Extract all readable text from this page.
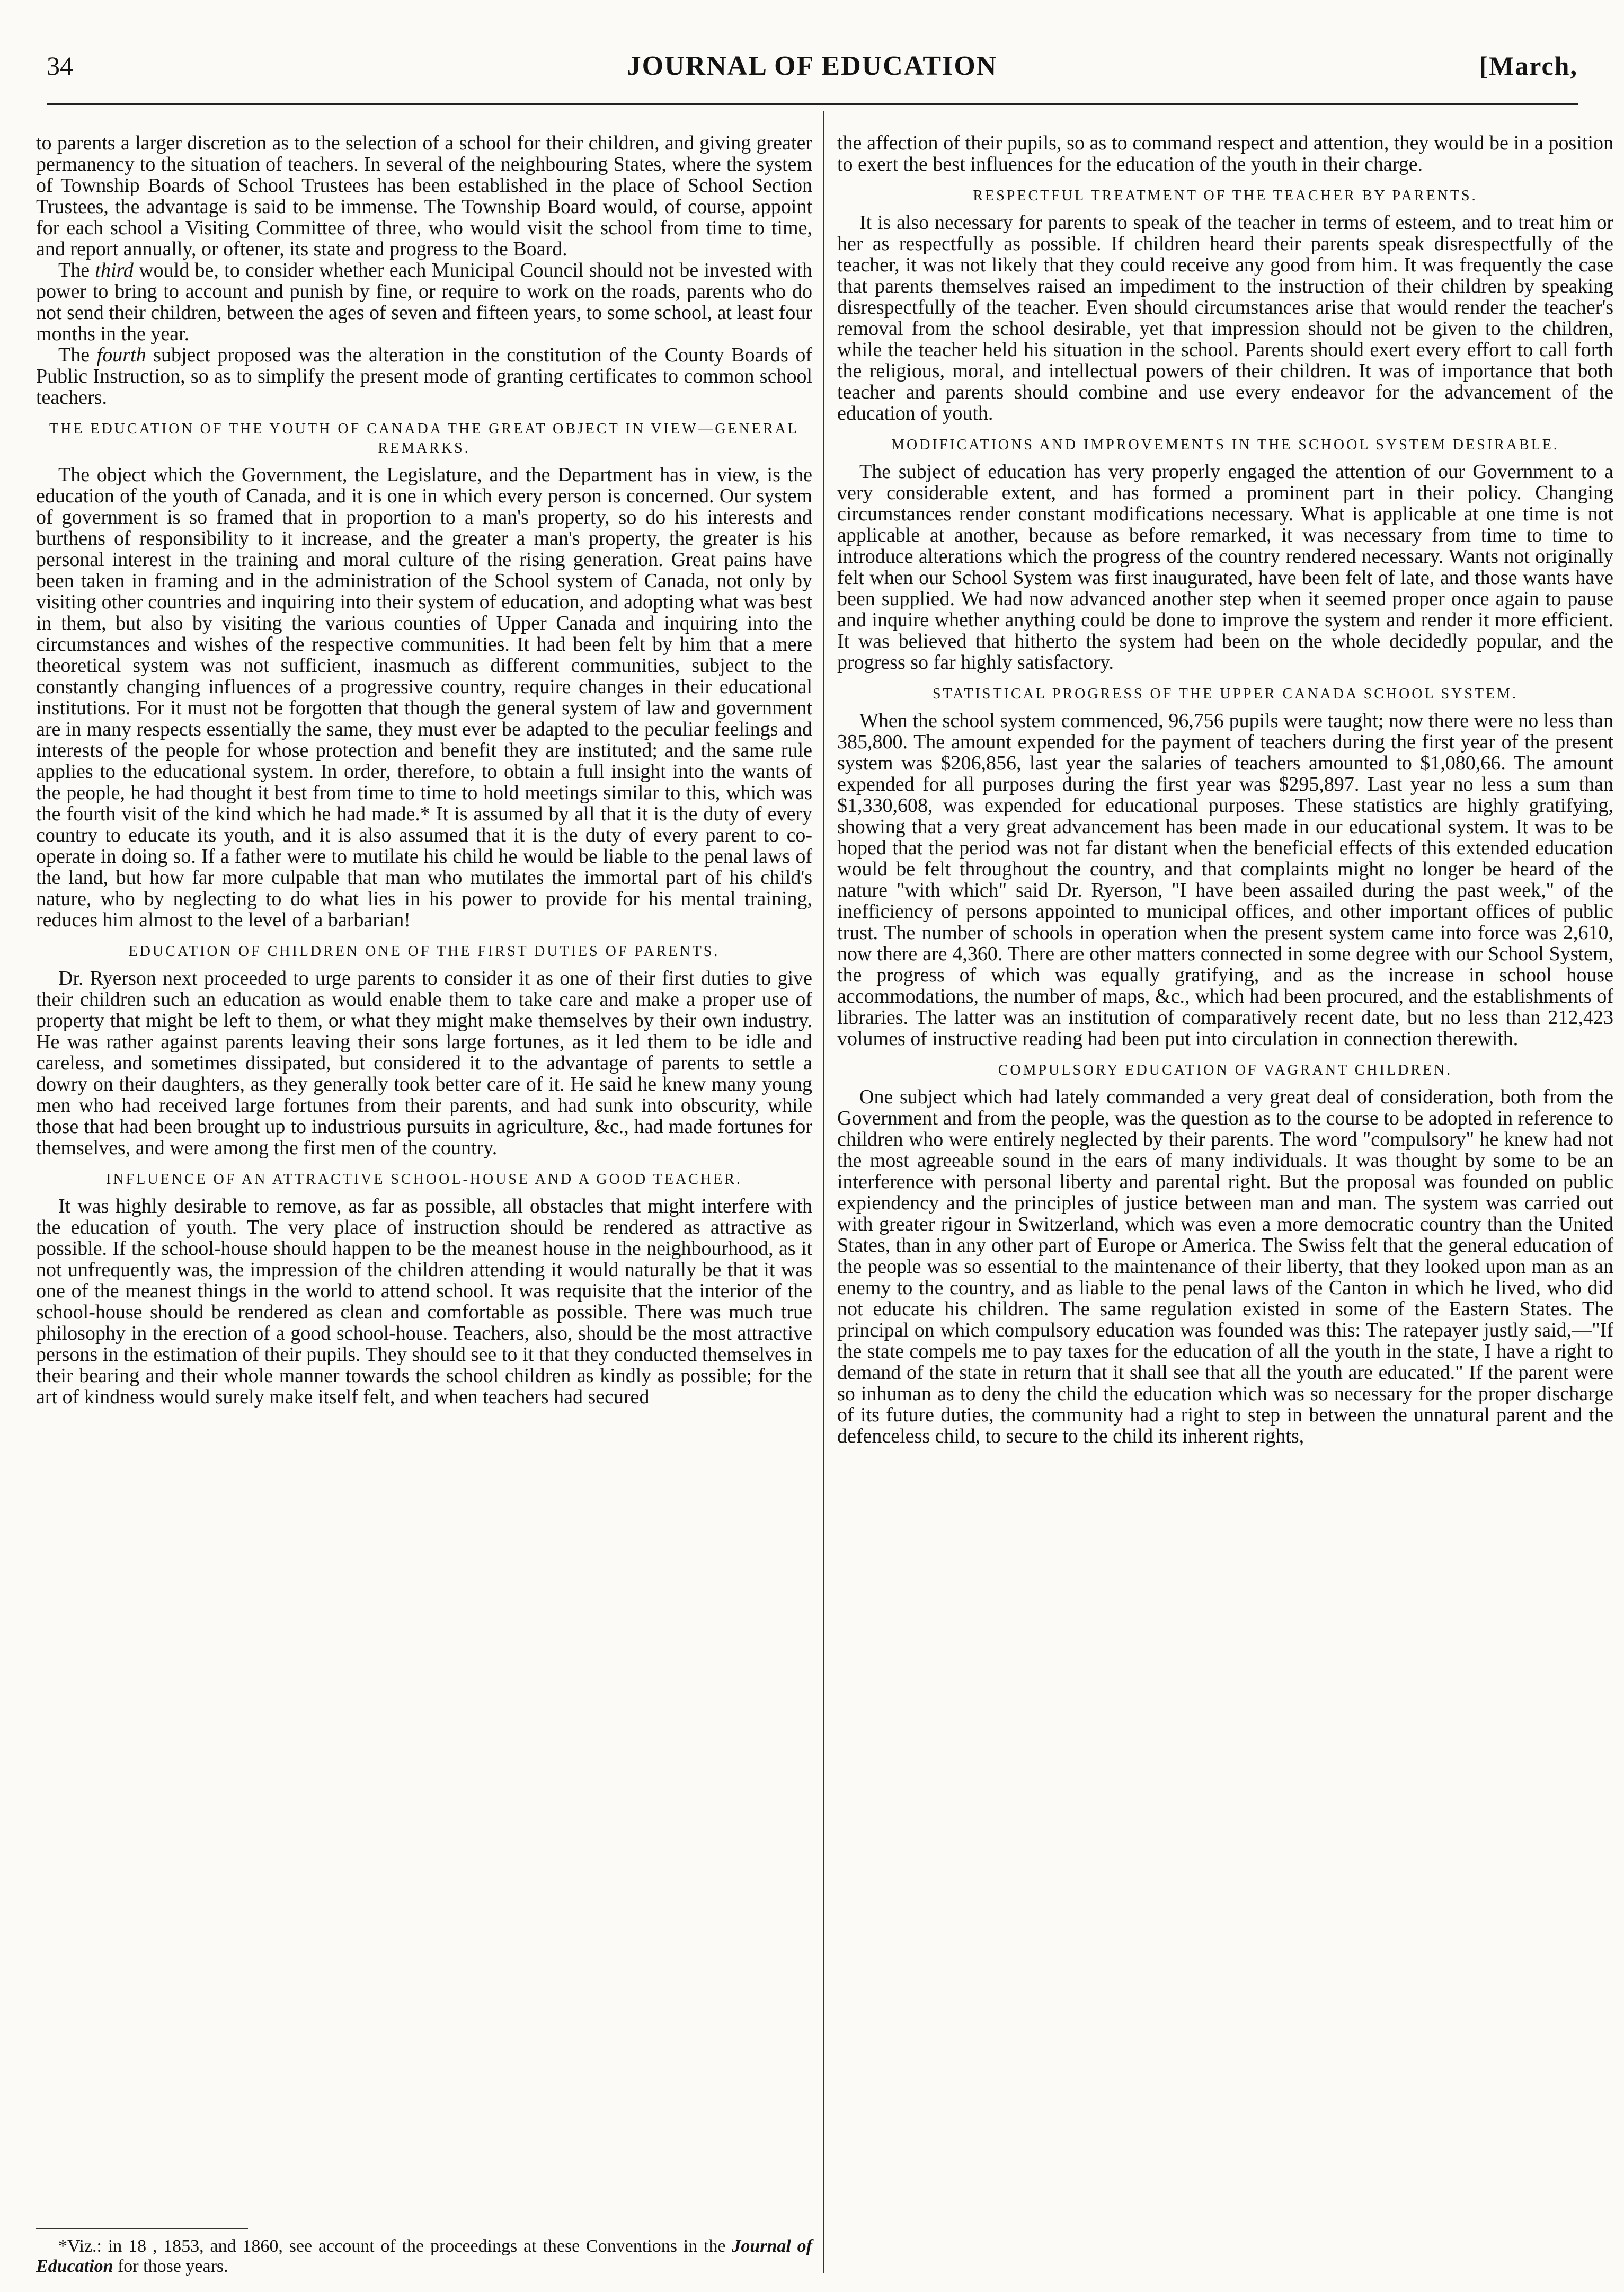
34	JOURNAL OF EDUCATION	[March,

to parents a larger discretion as to the selection of a school for their children, and giving greater permanency to the situation of teachers. In several of the neighbouring States, where the system of Township Boards of School Trustees has been established in the place of School Section Trustees, the advantage is said to be immense. The Township Board would, of course, appoint for each school a Visiting Committee of three, who would visit the school from time to time, and report annually, or oftener, its state and progress to the Board.

The third would be, to consider whether each Municipal Council should not be invested with power to bring to account and punish by fine, or require to work on the roads, parents who do not send their children, between the ages of seven and fifteen years, to some school, at least four months in the year.

The fourth subject proposed was the alteration in the constitution of the County Boards of Public Instruction, so as to simplify the present mode of granting certificates to common school teachers.

THE EDUCATION OF THE YOUTH OF CANADA THE GREAT OBJECT IN VIEW—GENERAL REMARKS.

The object which the Government, the Legislature, and the Department has in view, is the education of the youth of Canada, and it is one in which every person is concerned. Our system of government is so framed that in proportion to a man's property, so do his interests and burthens of responsibility to it increase, and the greater a man's property, the greater is his personal interest in the training and moral culture of the rising generation. Great pains have been taken in framing and in the administration of the School system of Canada, not only by visiting other countries and inquiring into their system of education, and adopting what was best in them, but also by visiting the various counties of Upper Canada and inquiring into the circumstances and wishes of the respective communities. It had been felt by him that a mere theoretical system was not sufficient, inasmuch as different communities, subject to the constantly changing influences of a progressive country, require changes in their educational institutions. For it must not be forgotten that though the general system of law and government are in many respects essentially the same, they must ever be adapted to the peculiar feelings and interests of the people for whose protection and benefit they are instituted; and the same rule applies to the educational system. In order, therefore, to obtain a full insight into the wants of the people, he had thought it best from time to time to hold meetings similar to this, which was the fourth visit of the kind which he had made.* It is assumed by all that it is the duty of every country to educate its youth, and it is also assumed that it is the duty of every parent to co-operate in doing so. If a father were to mutilate his child he would be liable to the penal laws of the land, but how far more culpable that man who mutilates the immortal part of his child's nature, who by neglecting to do what lies in his power to provide for his mental training, reduces him almost to the level of a barbarian!

EDUCATION OF CHILDREN ONE OF THE FIRST DUTIES OF PARENTS.

Dr. Ryerson next proceeded to urge parents to consider it as one of their first duties to give their children such an education as would enable them to take care and make a proper use of property that might be left to them, or what they might make themselves by their own industry. He was rather against parents leaving their sons large fortunes, as it led them to be idle and careless, and sometimes dissipated, but considered it to the advantage of parents to settle a dowry on their daughters, as they generally took better care of it. He said he knew many young men who had received large fortunes from their parents, and had sunk into obscurity, while those that had been brought up to industrious pursuits in agriculture, &c., had made fortunes for themselves, and were among the first men of the country.

INFLUENCE OF AN ATTRACTIVE SCHOOL-HOUSE AND A GOOD TEACHER.

It was highly desirable to remove, as far as possible, all obstacles that might interfere with the education of youth. The very place of instruction should be rendered as attractive as possible. If the school-house should happen to be the meanest house in the neighbourhood, as it not unfrequently was, the impression of the children attending it would naturally be that it was one of the meanest things in the world to attend school. It was requisite that the interior of the school-house should be rendered as clean and comfortable as possible. There was much true philosophy in the erection of a good school-house. Teachers, also, should be the most attractive persons in the estimation of their pupils. They should see to it that they conducted themselves in their bearing and their whole manner towards the school children as kindly as possible; for the art of kindness would surely make itself felt, and when teachers had secured

the affection of their pupils, so as to command respect and attention, they would be in a position to exert the best influences for the education of the youth in their charge.

RESPECTFUL TREATMENT OF THE TEACHER BY PARENTS.

It is also necessary for parents to speak of the teacher in terms of esteem, and to treat him or her as respectfully as possible. If children heard their parents speak disrespectfully of the teacher, it was not likely that they could receive any good from him. It was frequently the case that parents themselves raised an impediment to the instruction of their children by speaking disrespectfully of the teacher. Even should circumstances arise that would render the teacher's removal from the school desirable, yet that impression should not be given to the children, while the teacher held his situation in the school. Parents should exert every effort to call forth the religious, moral, and intellectual powers of their children. It was of importance that both teacher and parents should combine and use every endeavor for the advancement of the education of youth.

MODIFICATIONS AND IMPROVEMENTS IN THE SCHOOL SYSTEM DESIRABLE.

The subject of education has very properly engaged the attention of our Government to a very considerable extent, and has formed a prominent part in their policy. Changing circumstances render constant modifications necessary. What is applicable at one time is not applicable at another, because as before remarked, it was necessary from time to time to introduce alterations which the progress of the country rendered necessary. Wants not originally felt when our School System was first inaugurated, have been felt of late, and those wants have been supplied. We had now advanced another step when it seemed proper once again to pause and inquire whether anything could be done to improve the system and render it more efficient. It was believed that hitherto the system had been on the whole decidedly popular, and the progress so far highly satisfactory.

STATISTICAL PROGRESS OF THE UPPER CANADA SCHOOL SYSTEM.

When the school system commenced, 96,756 pupils were taught; now there were no less than 385,800. The amount expended for the payment of teachers during the first year of the present system was $206,856, last year the salaries of teachers amounted to $1,080,66. The amount expended for all purposes during the first year was $295,897. Last year no less a sum than $1,330,608, was expended for educational purposes. These statistics are highly gratifying, showing that a very great advancement has been made in our educational system. It was to be hoped that the period was not far distant when the beneficial effects of this extended education would be felt throughout the country, and that complaints might no longer be heard of the nature "with which" said Dr. Ryerson, "I have been assailed during the past week," of the inefficiency of persons appointed to municipal offices, and other important offices of public trust. The number of schools in operation when the present system came into force was 2,610, now there are 4,360. There are other matters connected in some degree with our School System, the progress of which was equally gratifying, and as the increase in school house accommodations, the number of maps, &c., which had been procured, and the establishments of libraries. The latter was an institution of comparatively recent date, but no less than 212,423 volumes of instructive reading had been put into circulation in connection therewith.

COMPULSORY EDUCATION OF VAGRANT CHILDREN.

One subject which had lately commanded a very great deal of consideration, both from the Government and from the people, was the question as to the course to be adopted in reference to children who were entirely neglected by their parents. The word "compulsory" he knew had not the most agreeable sound in the ears of many individuals. It was thought by some to be an interference with personal liberty and parental right. But the proposal was founded on public expiendency and the principles of justice between man and man. The system was carried out with greater rigour in Switzerland, which was even a more democratic country than the United States, than in any other part of Europe or America. The Swiss felt that the general education of the people was so essential to the maintenance of their liberty, that they looked upon man as an enemy to the country, and as liable to the penal laws of the Canton in which he lived, who did not educate his children. The same regulation existed in some of the Eastern States. The principal on which compulsory education was founded was this: The ratepayer justly said,—"If the state compels me to pay taxes for the education of all the youth in the state, I have a right to demand of the state in return that it shall see that all the youth are educated." If the parent were so inhuman as to deny the child the education which was so necessary for the proper discharge of its future duties, the community had a right to step in between the unnatural parent and the defenceless child, to secure to the child its inherent rights,

*Viz.: in 18 , 1853, and 1860, see account of the proceedings at these Conventions in the Journal of Education for those years.
